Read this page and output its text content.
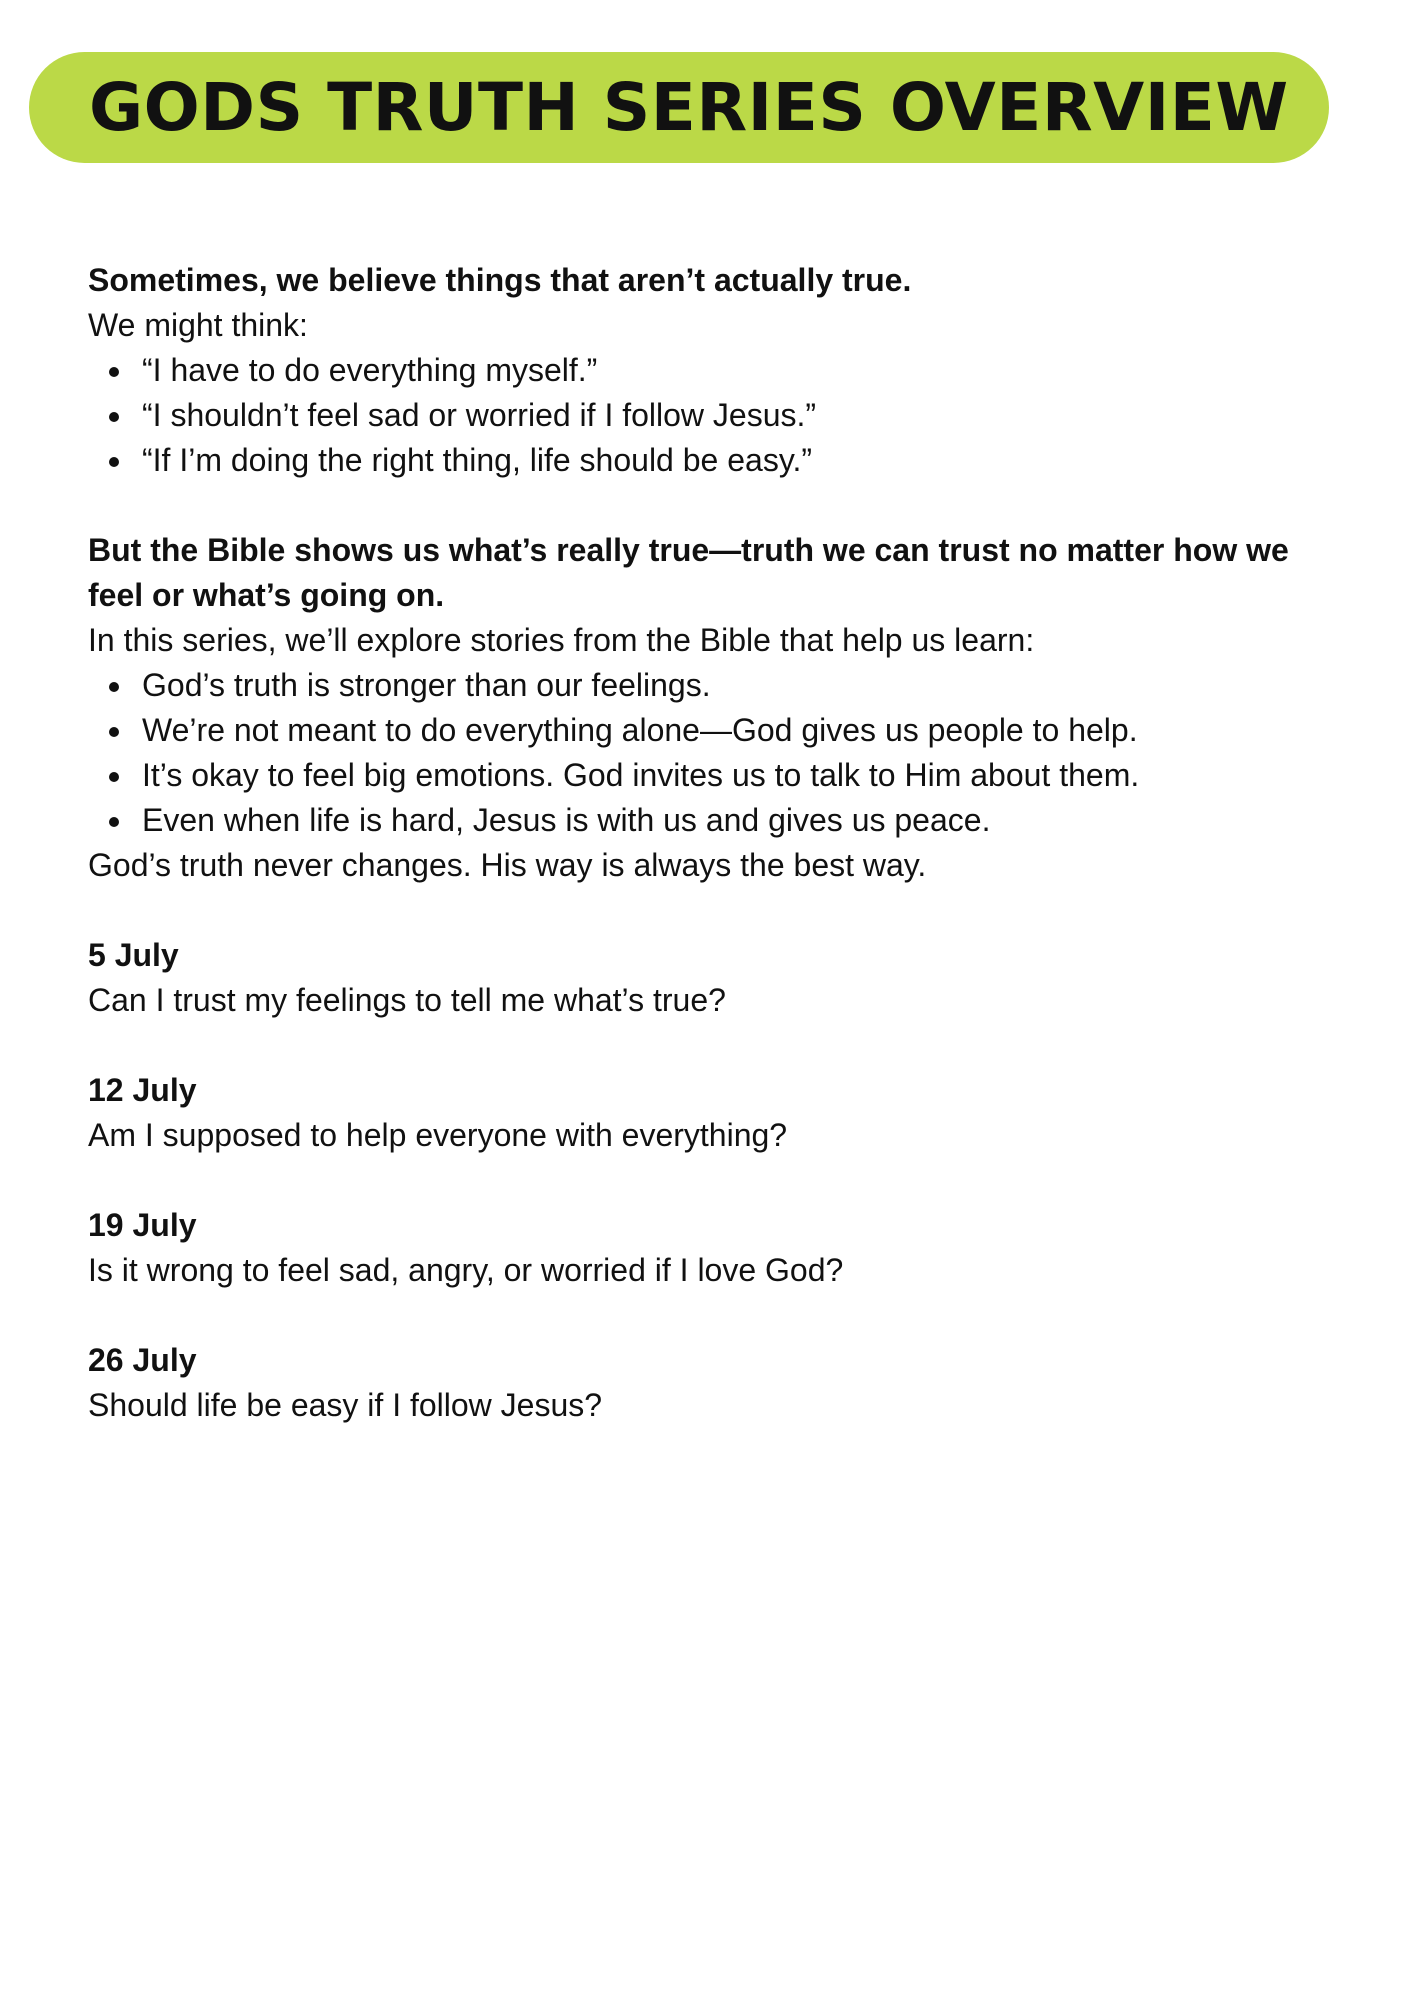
GODS TRUTH SERIES OVERVIEW

Sometimes, we believe things that aren’t actually true.

We might think:

“I have to do everything myself.”
“I shouldn’t feel sad or worried if I follow Jesus.”
“If I’m doing the right thing, life should be easy.”

But the Bible shows us what’s really true—truth we can trust no matter how we feel or what’s going on.

In this series, we’ll explore stories from the Bible that help us learn:

God’s truth is stronger than our feelings.
We’re not meant to do everything alone—God gives us people to help.
It’s okay to feel big emotions. God invites us to talk to Him about them.
Even when life is hard, Jesus is with us and gives us peace.

God’s truth never changes. His way is always the best way.

5 July

Can I trust my feelings to tell me what’s true?

12 July

Am I supposed to help everyone with everything?

19 July

Is it wrong to feel sad, angry, or worried if I love God?

26 July

Should life be easy if I follow Jesus?
